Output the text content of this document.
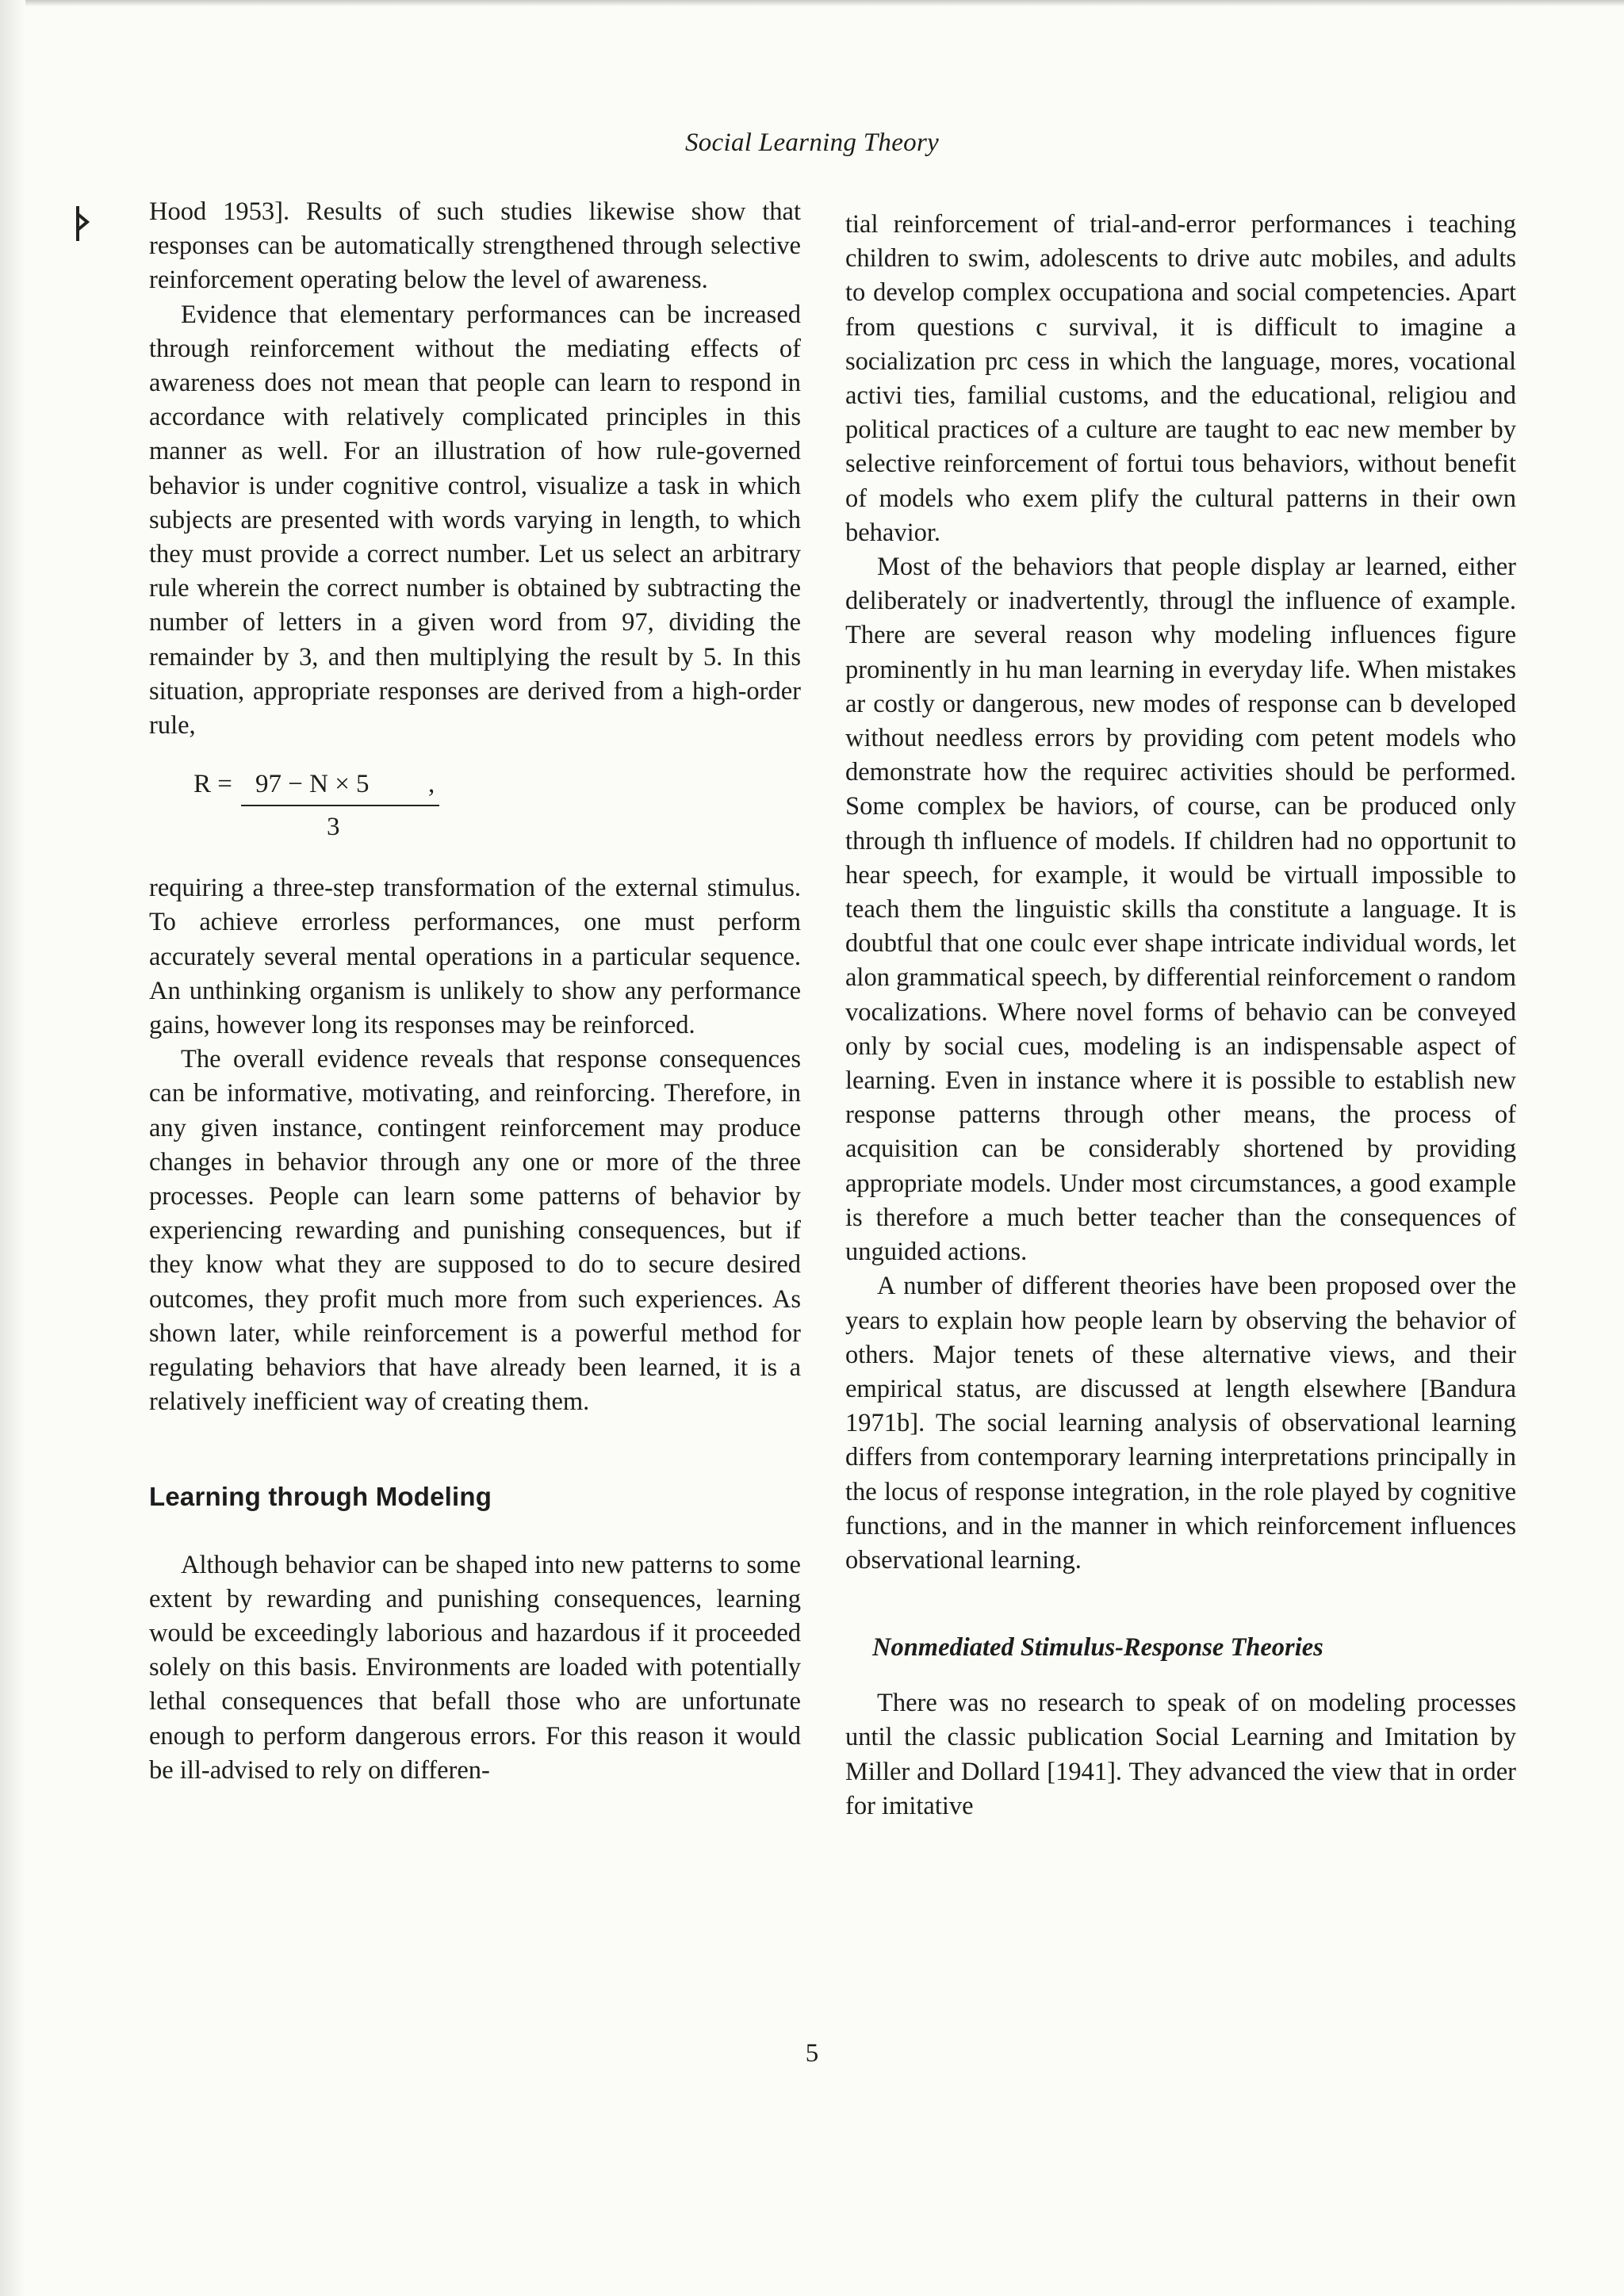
Social Learning Theory

Hood 1953]. Results of such studies likewise show that responses can be automatically strengthened through selective reinforcement operating below the level of awareness.

Evidence that elementary performances can be increased through reinforcement without the mediating effects of awareness does not mean that people can learn to respond in accordance with relatively complicated principles in this manner as well. For an illustration of how rule-governed behavior is under cognitive control, visualize a task in which subjects are presented with words varying in length, to which they must provide a correct number. Let us select an arbitrary rule wherein the correct number is obtained by subtracting the number of letters in a given word from 97, dividing the remainder by 3, and then multiplying the result by 5. In this situation, appropriate responses are derived from a high-order rule,

R = 97 − N × 5 ,
3

requiring a three-step transformation of the external stimulus. To achieve errorless performances, one must perform accurately several mental operations in a particular sequence. An unthinking organism is unlikely to show any performance gains, however long its responses may be reinforced.

The overall evidence reveals that response consequences can be informative, motivating, and reinforcing. Therefore, in any given instance, contingent reinforcement may produce changes in behavior through any one or more of the three processes. People can learn some patterns of behavior by experiencing rewarding and punishing consequences, but if they know what they are supposed to do to secure desired outcomes, they profit much more from such experiences. As shown later, while reinforcement is a powerful method for regulating behaviors that have already been learned, it is a relatively inefficient way of creating them.

Learning through Modeling

Although behavior can be shaped into new patterns to some extent by rewarding and punishing consequences, learning would be exceedingly laborious and hazardous if it proceeded solely on this basis. Environments are loaded with potentially lethal consequences that befall those who are unfortunate enough to perform dangerous errors. For this reason it would be ill-advised to rely on differen-

tial reinforcement of trial-and-error performances i teaching children to swim, adolescents to drive autc mobiles, and adults to develop complex occupationa and social competencies. Apart from questions c survival, it is difficult to imagine a socialization prc cess in which the language, mores, vocational activi ties, familial customs, and the educational, religiou and political practices of a culture are taught to eac new member by selective reinforcement of fortui tous behaviors, without benefit of models who exem plify the cultural patterns in their own behavior.

Most of the behaviors that people display ar learned, either deliberately or inadvertently, througl the influence of example. There are several reason why modeling influences figure prominently in hu man learning in everyday life. When mistakes ar costly or dangerous, new modes of response can b developed without needless errors by providing com petent models who demonstrate how the requirec activities should be performed. Some complex be haviors, of course, can be produced only through th influence of models. If children had no opportunit to hear speech, for example, it would be virtuall impossible to teach them the linguistic skills tha constitute a language. It is doubtful that one coulc ever shape intricate individual words, let alon grammatical speech, by differential reinforcement o random vocalizations. Where novel forms of behavio can be conveyed only by social cues, modeling is an indispensable aspect of learning. Even in instance where it is possible to establish new response patterns through other means, the process of acquisition can be considerably shortened by providing appropriate models. Under most circumstances, a good example is therefore a much better teacher than the consequences of unguided actions.

A number of different theories have been proposed over the years to explain how people learn by observing the behavior of others. Major tenets of these alternative views, and their empirical status, are discussed at length elsewhere [Bandura 1971b]. The social learning analysis of observational learning differs from contemporary learning interpretations principally in the locus of response integration, in the role played by cognitive functions, and in the manner in which reinforcement influences observational learning.

Nonmediated Stimulus-Response Theories

There was no research to speak of on modeling processes until the classic publication Social Learning and Imitation by Miller and Dollard [1941]. They advanced the view that in order for imitative

5
